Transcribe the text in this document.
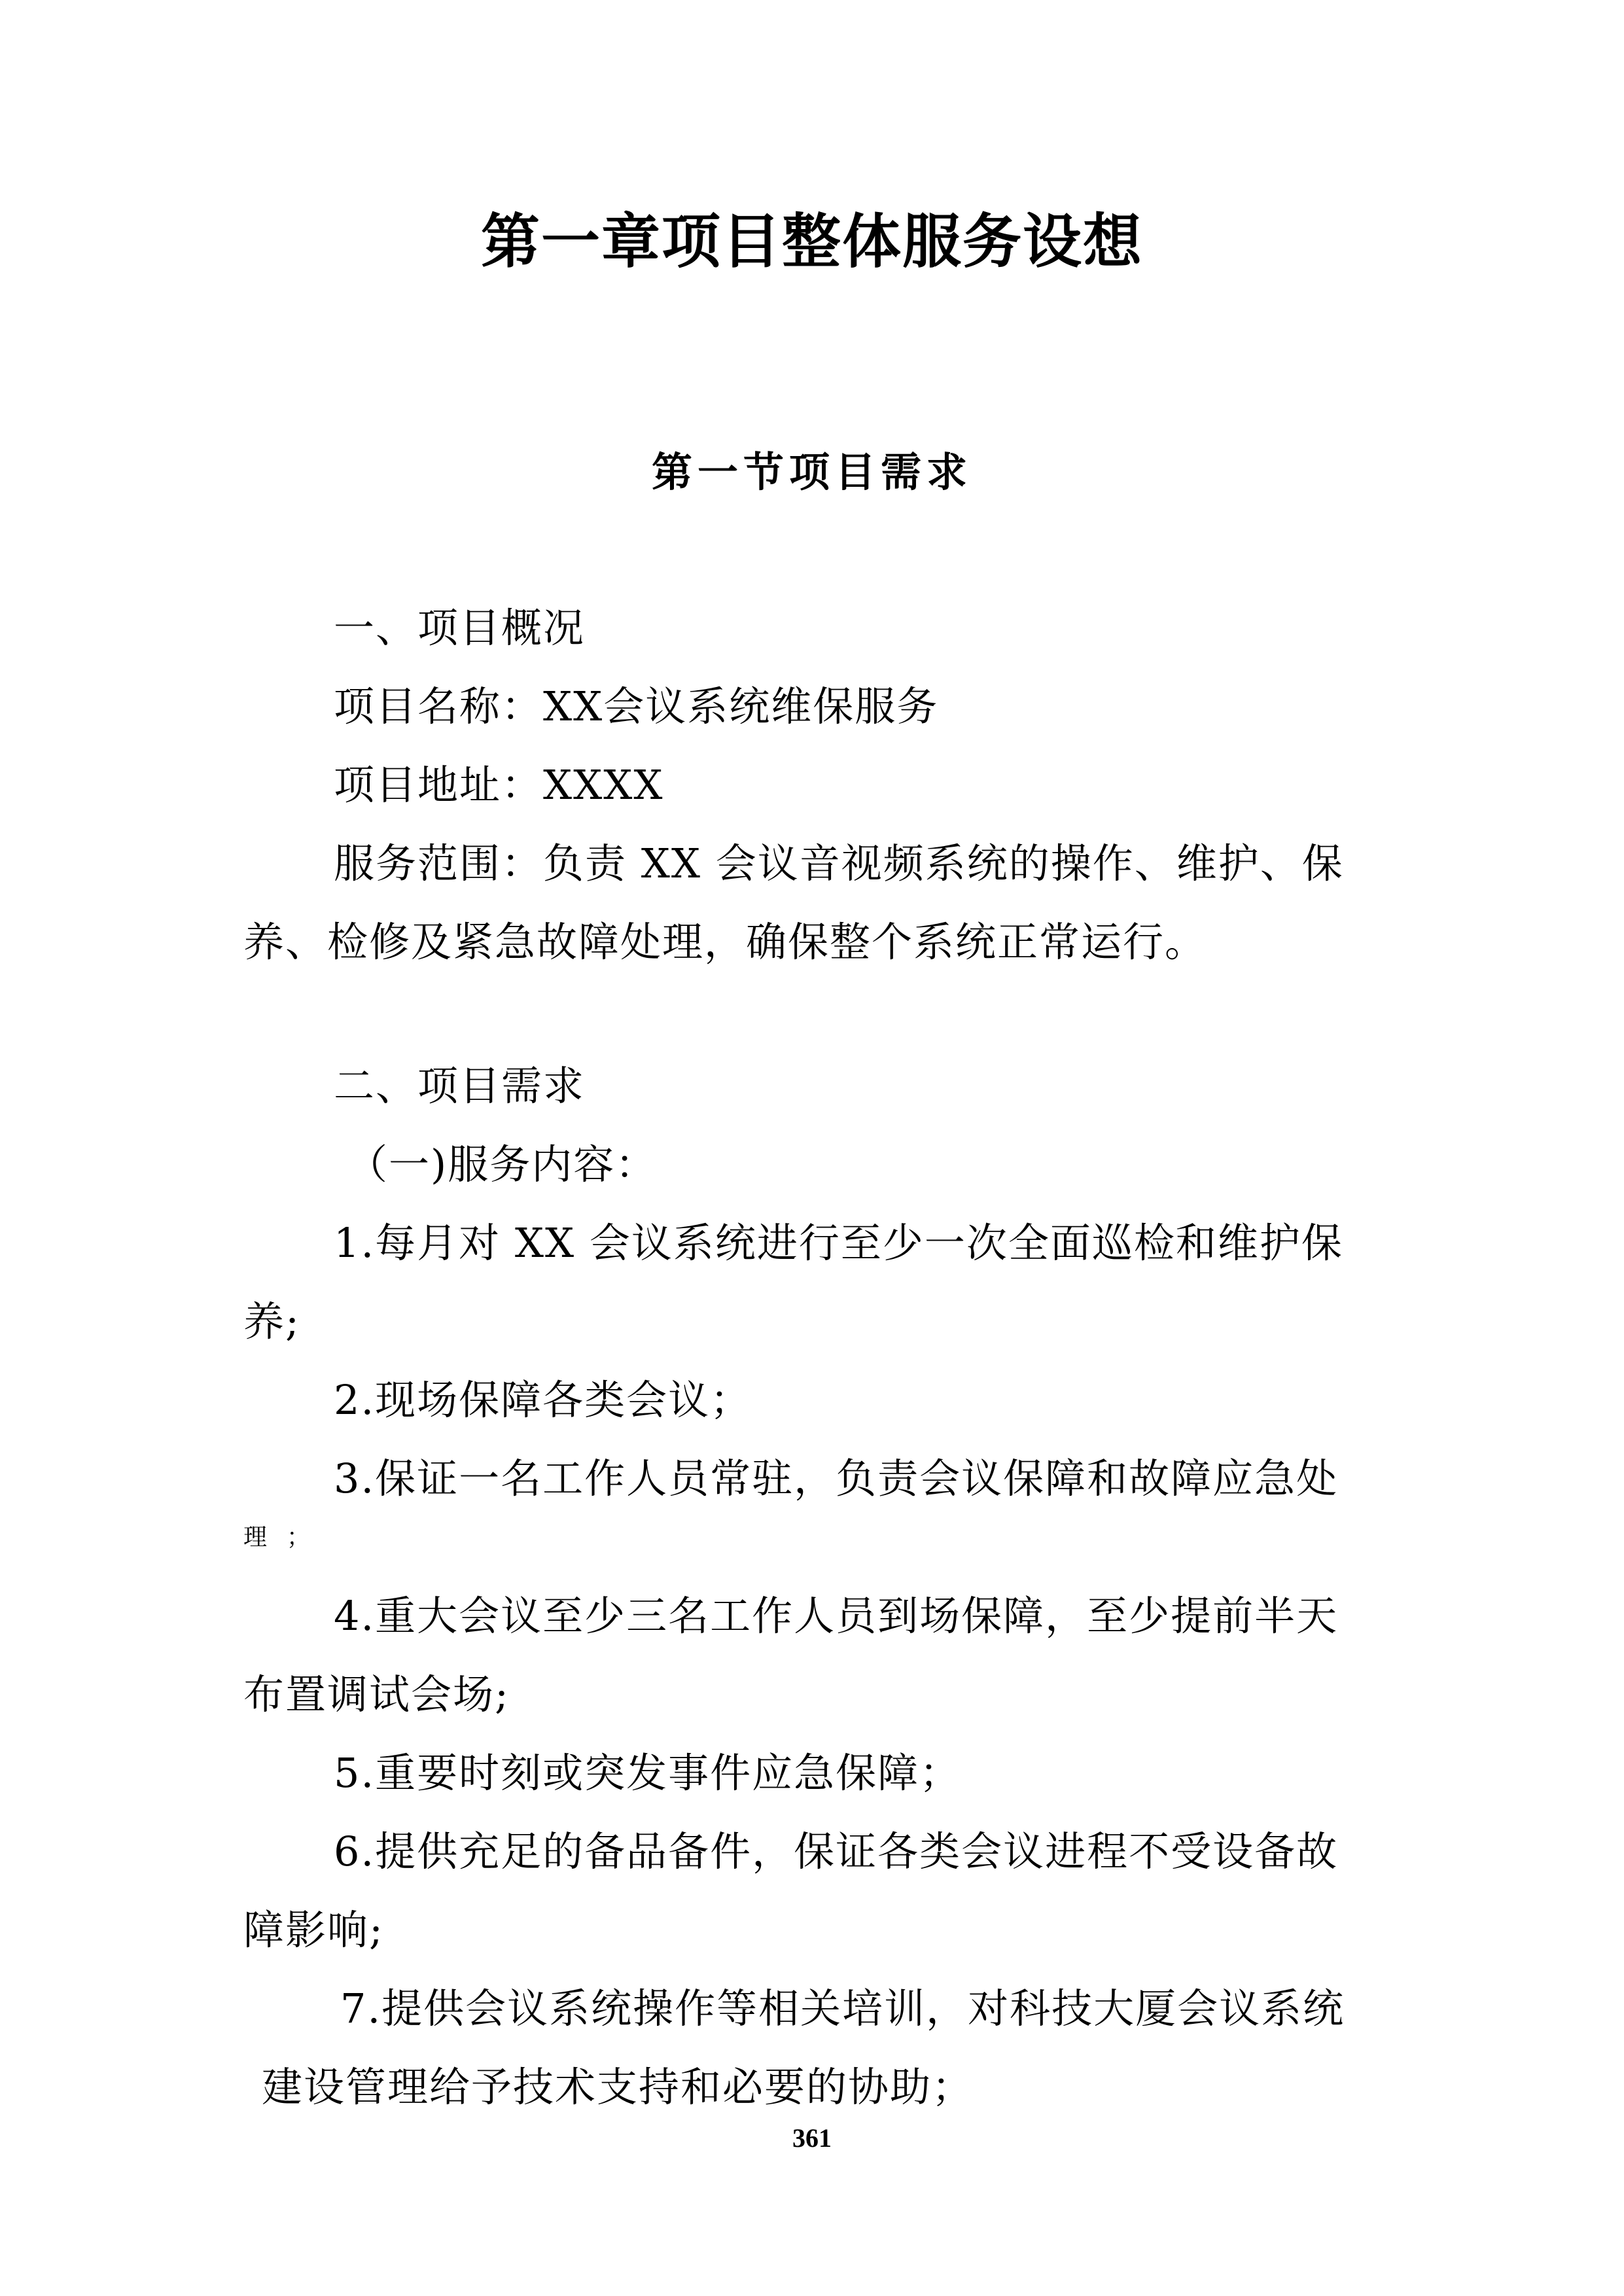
第一章项目整体服务设想
第一节项目需求
一、项目概况
项目名称：XX会议系统维保服务
项目地址：XXXX
服务范围：负责 XX 会议音视频系统的操作、维护、保
养、检修及紧急故障处理，确保整个系统正常运行。
二、项目需求
（一)服务内容：
1.每月对 XX 会议系统进行至少一次全面巡检和维护保
养;
2.现场保障各类会议；
3.保证一名工作人员常驻，负责会议保障和故障应急处
理；
4.重大会议至少三名工作人员到场保障，至少提前半天
布置调试会场;
5.重要时刻或突发事件应急保障；
6.提供充足的备品备件，保证各类会议进程不受设备故
障影响;
7.提供会议系统操作等相关培训，对科技大厦会议系统
建设管理给予技术支持和必要的协助；
361
